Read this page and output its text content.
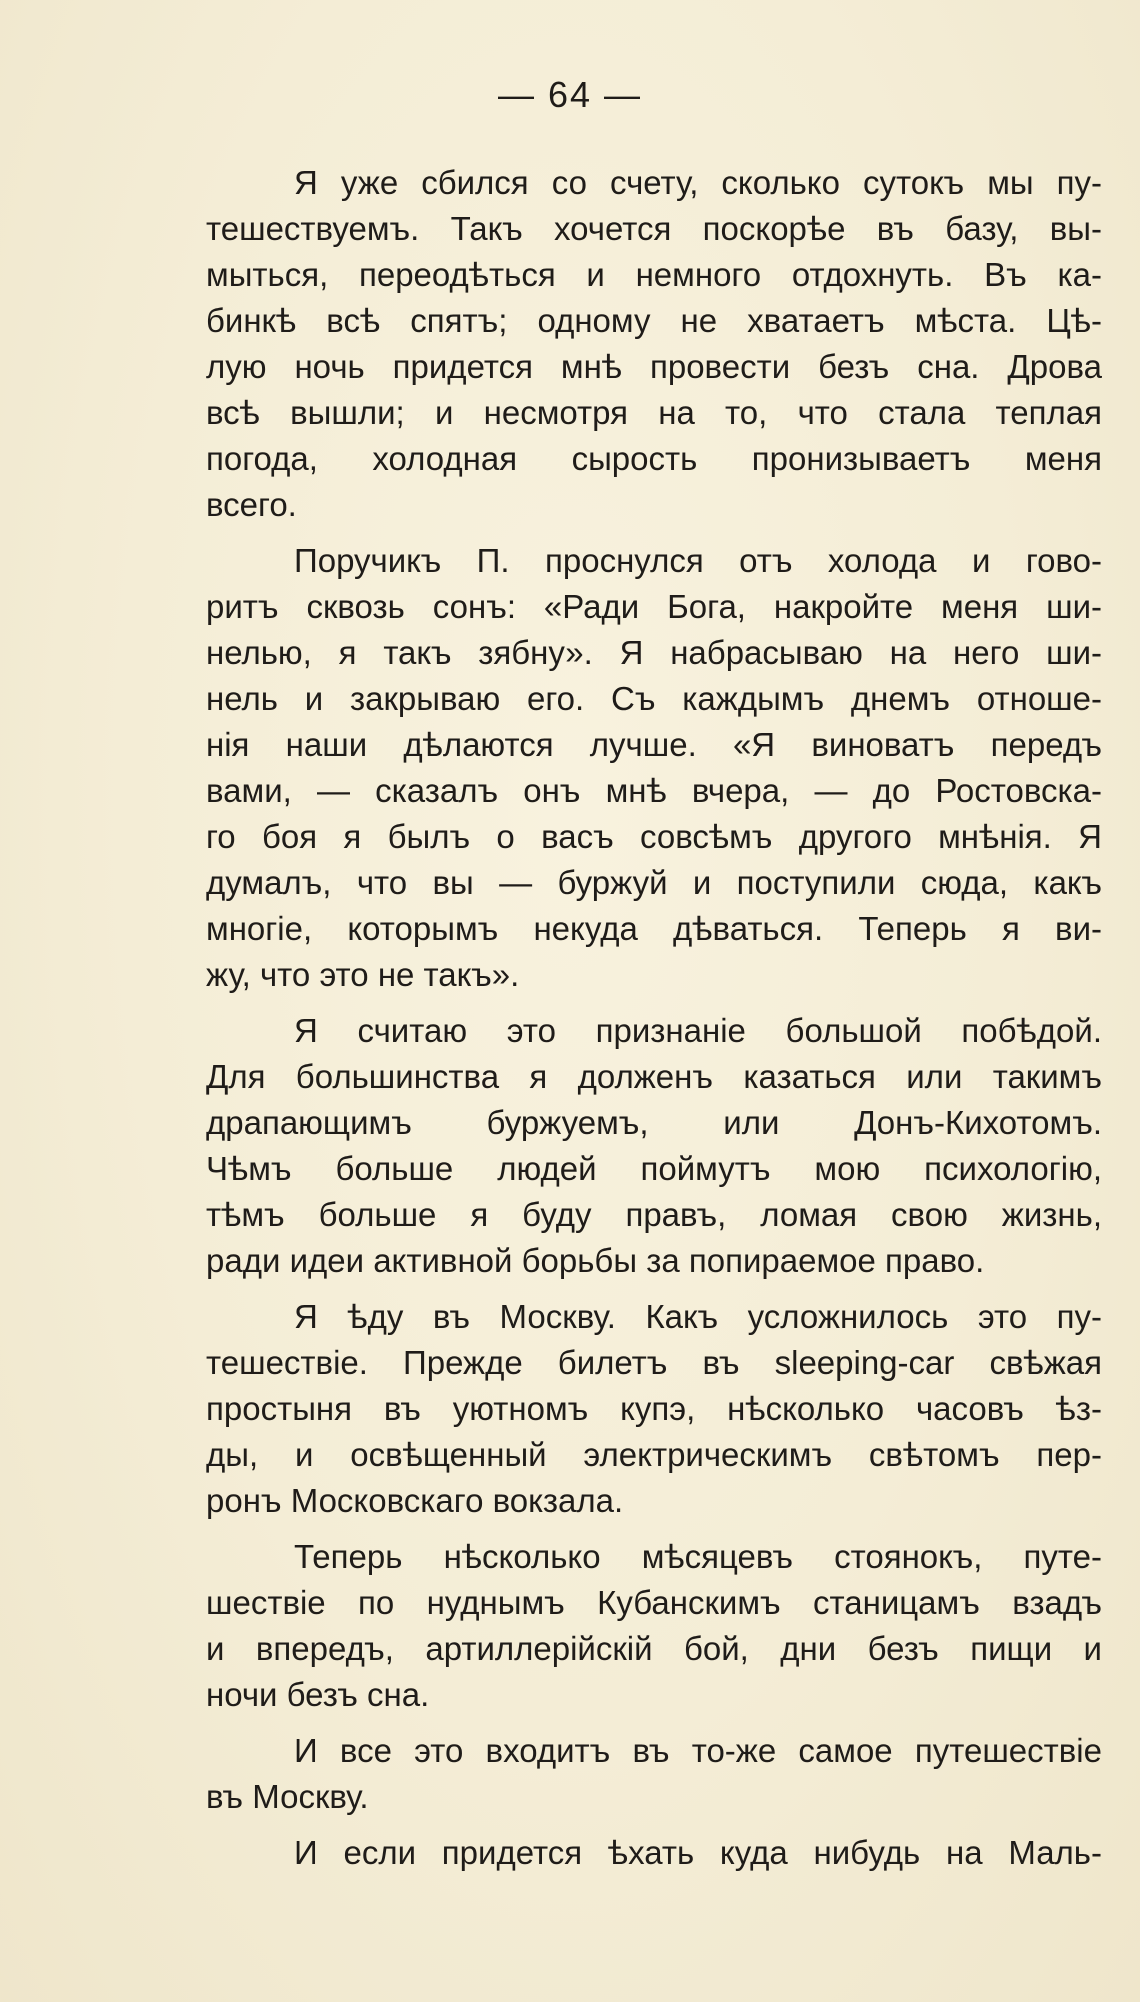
— 64 —
Я уже сбился со счету, сколько сутокъ мы пу-
тешествуемъ. Такъ хочется поскорѣе въ базу, вы-
мыться, переодѣться и немного отдохнуть. Въ ка-
бинкѣ всѣ спятъ; одному не хватаетъ мѣста. Цѣ-
лую ночь придется мнѣ провести безъ сна. Дрова
всѣ вышли; и несмотря на то, что стала теплая
погода, холодная сырость пронизываетъ меня
всего.
Поручикъ П. проснулся отъ холода и гово-
ритъ сквозь сонъ: «Ради Бога, накройте меня ши-
нелью, я такъ зябну». Я набрасываю на него ши-
нель и закрываю его. Съ каждымъ днемъ отноше-
нія наши дѣлаются лучше. «Я виноватъ передъ
вами, — сказалъ онъ мнѣ вчера, — до Ростовска-
го боя я былъ о васъ совсѣмъ другого мнѣнія. Я
думалъ, что вы — буржуй и поступили сюда, какъ
многіе, которымъ некуда дѣваться. Теперь я ви-
жу, что это не такъ».
Я считаю это признаніе большой побѣдой.
Для большинства я долженъ казаться или такимъ
драпающимъ буржуемъ, или Донъ-Кихотомъ.
Чѣмъ больше людей поймутъ мою психологію,
тѣмъ больше я буду правъ, ломая свою жизнь,
ради идеи активной борьбы за попираемое право.
Я ѣду въ Москву. Какъ усложнилось это пу-
тешествіе. Прежде билетъ въ sleeping-car свѣжая
простыня въ уютномъ купэ, нѣсколько часовъ ѣз-
ды, и освѣщенный электрическимъ свѣтомъ пер-
ронъ Московскаго вокзала.
Теперь нѣсколько мѣсяцевъ стоянокъ, путе-
шествіе по нуднымъ Кубанскимъ станицамъ взадъ
и впередъ, артиллерійскій бой, дни безъ пищи и
ночи безъ сна.
И все это входитъ въ то-же самое путешествіе
въ Москву.
И если придется ѣхать куда нибудь на Маль-
